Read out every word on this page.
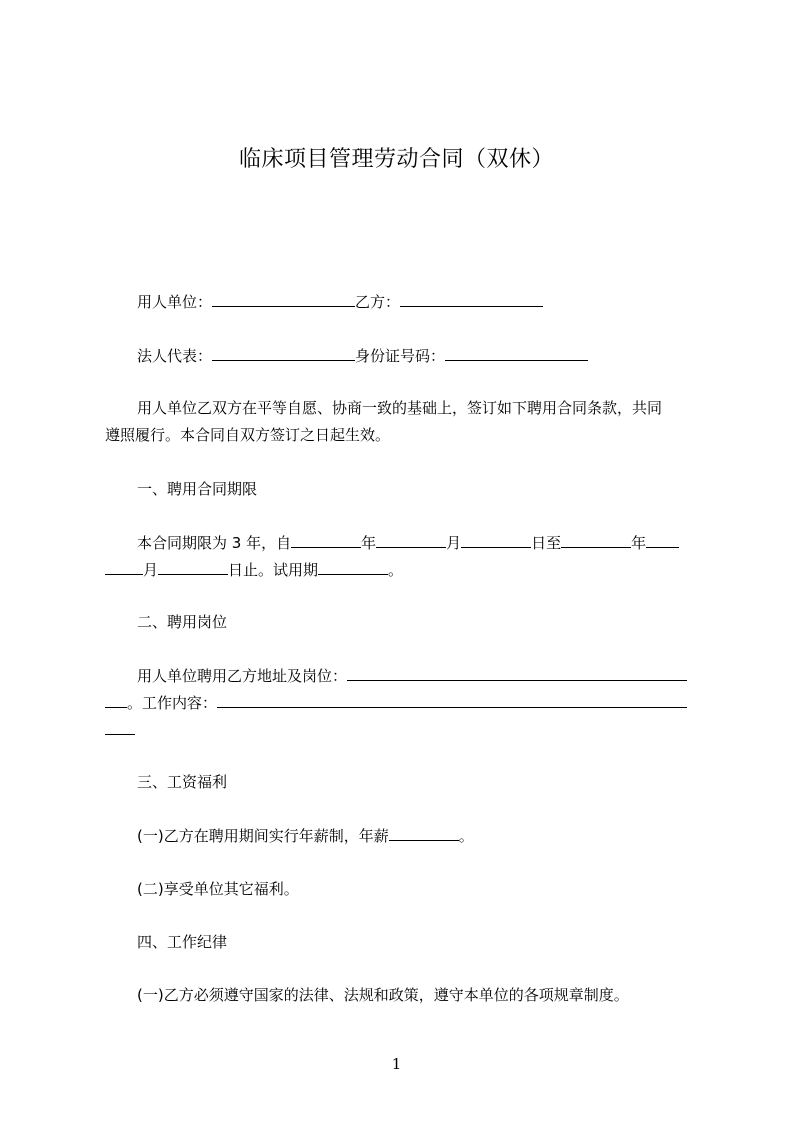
临床项目管理劳动合同（双休）
用人单位：	乙方：
法人代表：	身份证号码：
用人单位乙双方在平等自愿、协商一致的基础上，签订如下聘用合同条款，共同
遵照履行。本合同自双方签订之日起生效。
一、聘用合同期限
本合同期限为 3 年，自	年	月	日至	年
月	日止。试用期	。
二、聘用岗位
用人单位聘用乙方地址及岗位：
。工作内容：
三、工资福利
(一)乙方在聘用期间实行年薪制，年薪	。
(二)享受单位其它福利。
四、工作纪律
(一)乙方必须遵守国家的法律、法规和政策，遵守本单位的各项规章制度。
1
